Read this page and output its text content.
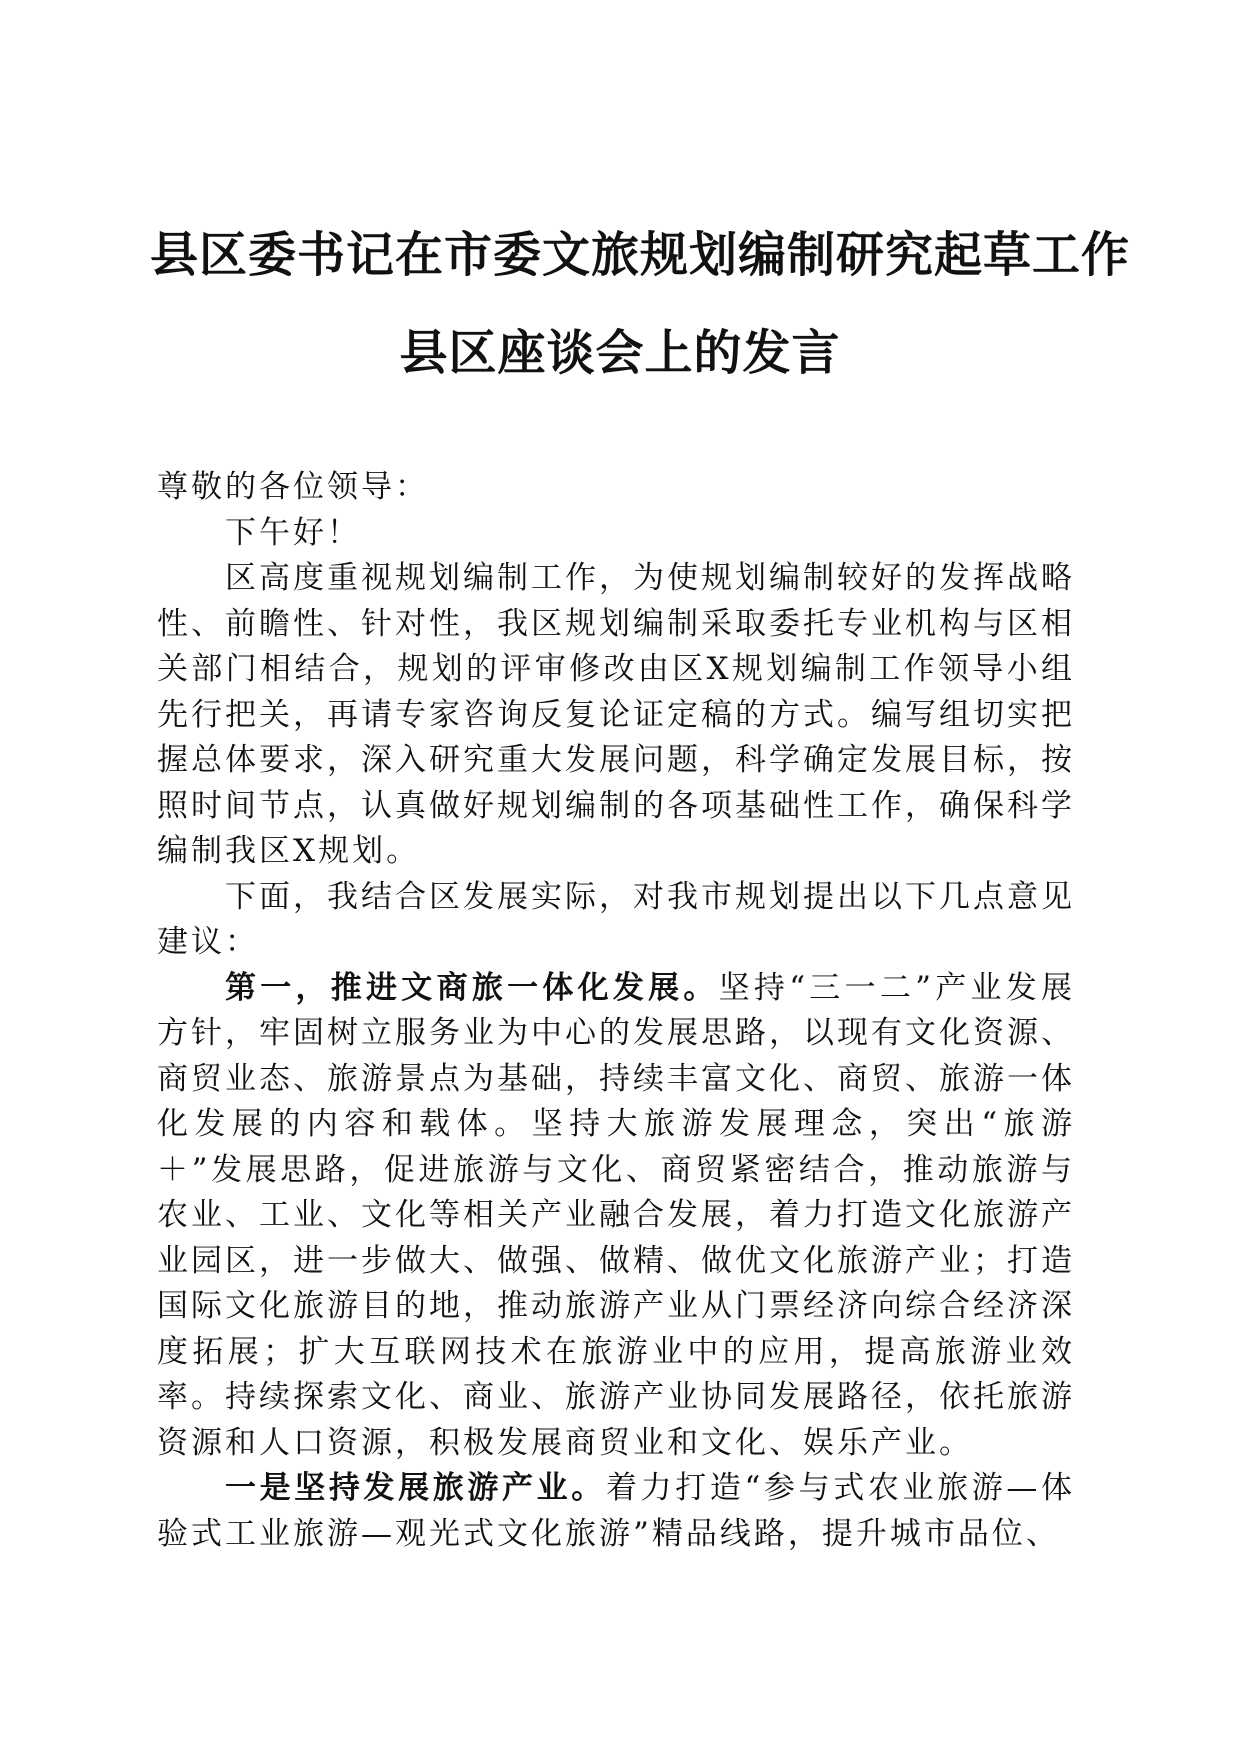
县区委书记在市委文旅规划编制研究起草工作
县区座谈会上的发言

尊敬的各位领导：

下午好！

区高度重视规划编制工作，为使规划编制较好的发挥战略性、前瞻性、针对性，我区规划编制采取委托专业机构与区相关部门相结合，规划的评审修改由区X规划编制工作领导小组先行把关，再请专家咨询反复论证定稿的方式。编写组切实把握总体要求，深入研究重大发展问题，科学确定发展目标，按照时间节点，认真做好规划编制的各项基础性工作，确保科学编制我区X规划。

下面，我结合区发展实际，对我市规划提出以下几点意见建议：

第一，推进文商旅一体化发展。坚持“三一二”产业发展方针，牢固树立服务业为中心的发展思路，以现有文化资源、商贸业态、旅游景点为基础，持续丰富文化、商贸、旅游一体化发展的内容和载体。坚持大旅游发展理念，突出“旅游＋”发展思路，促进旅游与文化、商贸紧密结合，推动旅游与农业、工业、文化等相关产业融合发展，着力打造文化旅游产业园区，进一步做大、做强、做精、做优文化旅游产业；打造国际文化旅游目的地，推动旅游产业从门票经济向综合经济深度拓展；扩大互联网技术在旅游业中的应用，提高旅游业效率。持续探索文化、商业、旅游产业协同发展路径，依托旅游资源和人口资源，积极发展商贸业和文化、娱乐产业。

一是坚持发展旅游产业。着力打造“参与式农业旅游—体验式工业旅游—观光式文化旅游”精品线路，提升城市品位、
